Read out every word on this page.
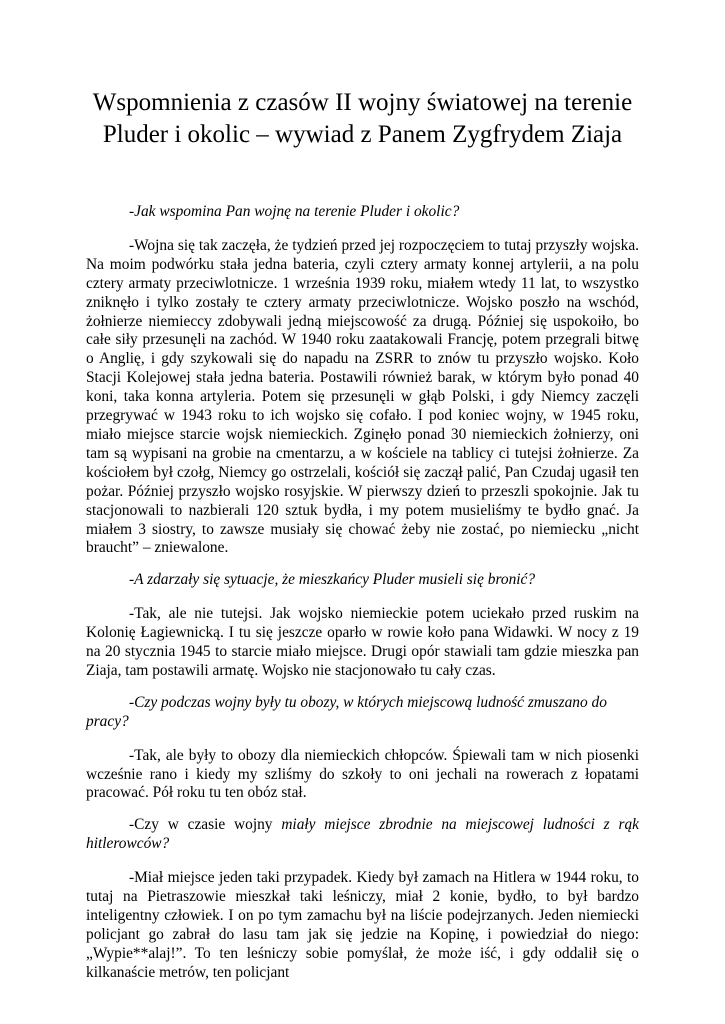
Wspomnienia z czasów II wojny światowej na terenie Pluder i okolic – wywiad z Panem Zygfrydem Ziaja

-Jak wspomina Pan wojnę na terenie Pluder i okolic?

-Wojna się tak zaczęła, że tydzień przed jej rozpoczęciem to tutaj przyszły wojska. Na moim podwórku stała jedna bateria, czyli cztery armaty konnej artylerii, a na polu cztery armaty przeciwlotnicze. 1 września 1939 roku, miałem wtedy 11 lat, to wszystko zniknęło i tylko zostały te cztery armaty przeciwlotnicze. Wojsko poszło na wschód, żołnierze niemieccy zdobywali jedną miejscowość za drugą. Później się uspokoiło, bo całe siły przesunęli na zachód. W 1940 roku zaatakowali Francję, potem przegrali bitwę o Anglię, i gdy szykowali się do napadu na ZSRR to znów tu przyszło wojsko. Koło Stacji Kolejowej stała jedna bateria. Postawili również barak, w którym było ponad 40 koni, taka konna artyleria. Potem się przesunęli w głąb Polski, i gdy Niemcy zaczęli przegrywać w 1943 roku to ich wojsko się cofało. I pod koniec wojny, w 1945 roku, miało miejsce starcie wojsk niemieckich. Zginęło ponad 30 niemieckich żołnierzy, oni tam są wypisani na grobie na cmentarzu, a w kościele na tablicy ci tutejsi żołnierze. Za kościołem był czołg, Niemcy go ostrzelali, kościół się zaczął palić, Pan Czudaj ugasił ten pożar. Później przyszło wojsko rosyjskie. W pierwszy dzień to przeszli spokojnie. Jak tu stacjonowali to nazbierali 120 sztuk bydła, i my potem musieliśmy te bydło gnać. Ja miałem 3 siostry, to zawsze musiały się chować żeby nie zostać, po niemiecku „nicht braucht” – zniewalone.

-A zdarzały się sytuacje, że mieszkańcy Pluder musieli się bronić?

-Tak, ale nie tutejsi. Jak wojsko niemieckie potem uciekało przed ruskim na Kolonię Łagiewnicką. I tu się jeszcze oparło w rowie koło pana Widawki. W nocy z 19 na 20 stycznia 1945 to starcie miało miejsce. Drugi opór stawiali tam gdzie mieszka pan Ziaja, tam postawili armatę. Wojsko nie stacjonowało tu cały czas.

-Czy podczas wojny były tu obozy, w których miejscową ludność zmuszano do pracy?

-Tak, ale były to obozy dla niemieckich chłopców. Śpiewali tam w nich piosenki wcześnie rano i kiedy my szliśmy do szkoły to oni jechali na rowerach z łopatami pracować. Pół roku tu ten obóz stał.

-Czy w czasie wojny miały miejsce zbrodnie na miejscowej ludności z rąk hitlerowców?

-Miał miejsce jeden taki przypadek. Kiedy był zamach na Hitlera w 1944 roku, to tutaj na Pietraszowie mieszkał taki leśniczy, miał 2 konie, bydło, to był bardzo inteligentny człowiek. I on po tym zamachu był na liście podejrzanych. Jeden niemiecki policjant go zabrał do lasu tam jak się jedzie na Kopinę, i powiedział do niego: „Wypie**alaj!”. To ten leśniczy sobie pomyślał, że może iść, i gdy oddalił się o kilkanaście metrów, ten policjant
